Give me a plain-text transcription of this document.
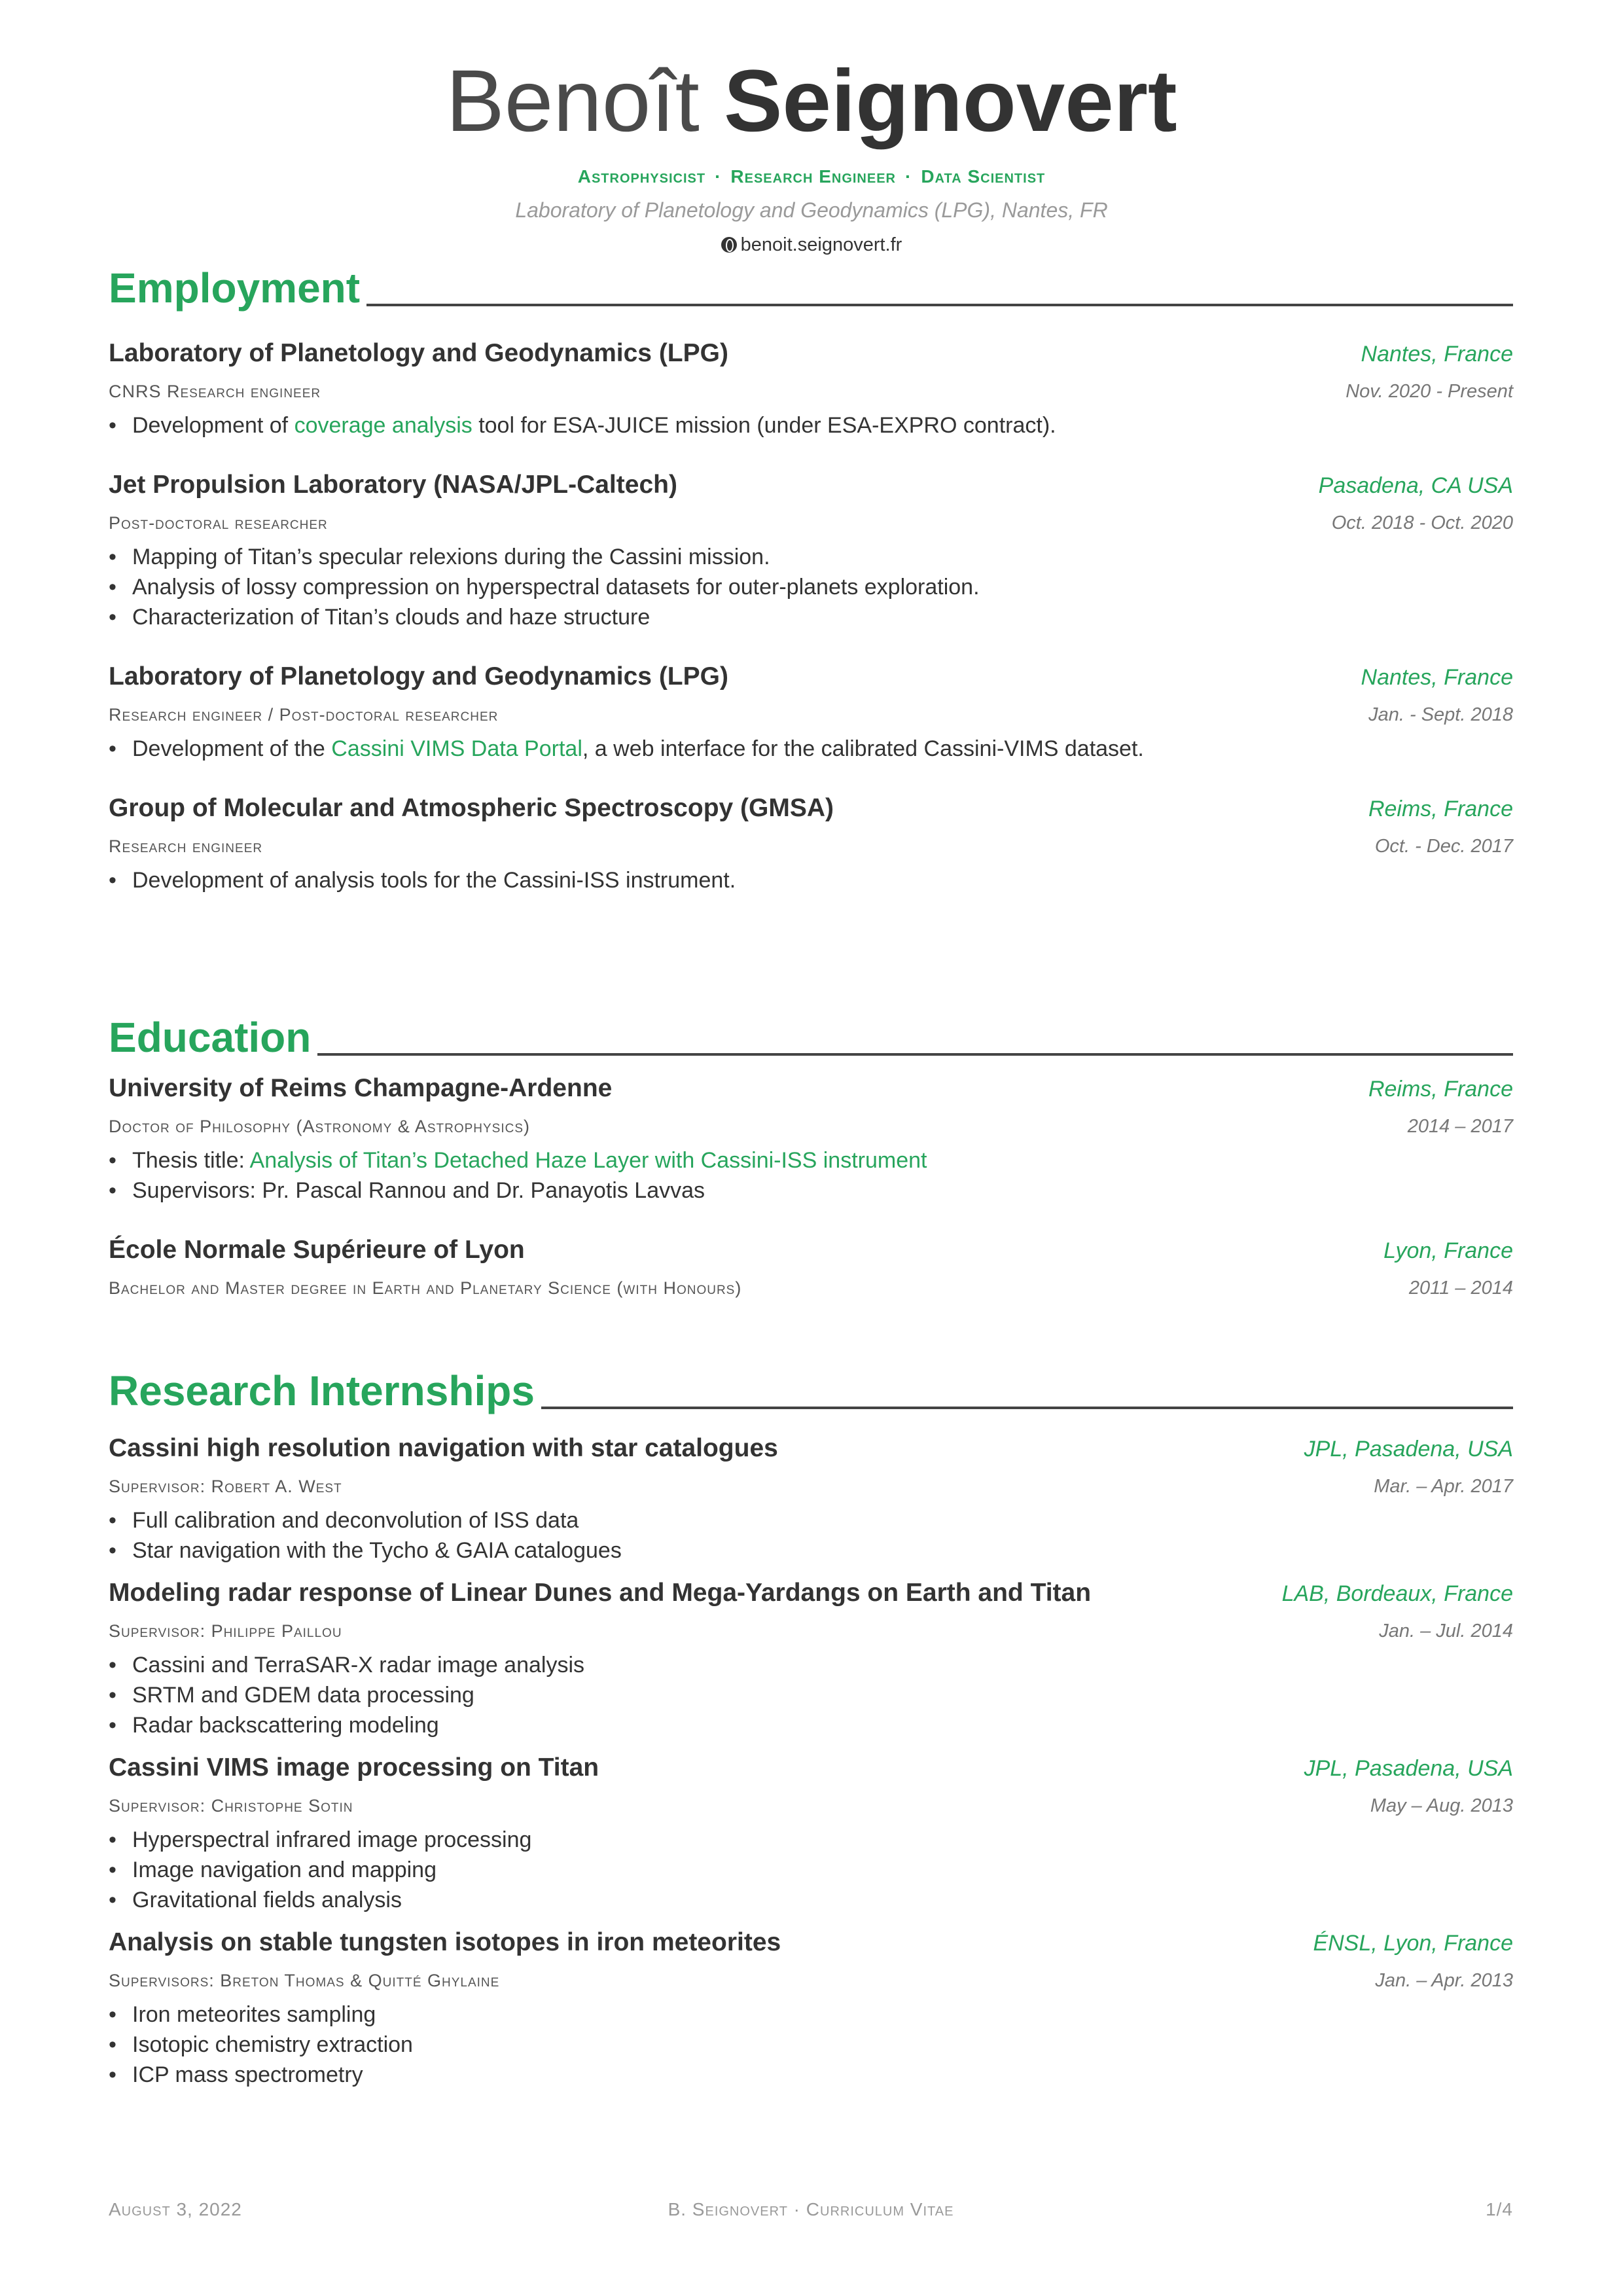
Benoît Seignovert
Astrophysicist · Research Engineer · Data Scientist
Laboratory of Planetology and Geodynamics (LPG), Nantes, FR
benoit.seignovert.fr
Employment
Laboratory of Planetology and Geodynamics (LPG)	Nantes, France
CNRS Research engineer	Nov. 2020 - Present
• Development of coverage analysis tool for ESA-JUICE mission (under ESA-EXPRO contract).
Jet Propulsion Laboratory (NASA/JPL-Caltech)	Pasadena, CA USA
Post-doctoral researcher	Oct. 2018 - Oct. 2020
• Mapping of Titan’s specular relexions during the Cassini mission.
• Analysis of lossy compression on hyperspectral datasets for outer-planets exploration.
• Characterization of Titan’s clouds and haze structure
Laboratory of Planetology and Geodynamics (LPG)	Nantes, France
Research engineer / Post-doctoral researcher	Jan. - Sept. 2018
• Development of the Cassini VIMS Data Portal, a web interface for the calibrated Cassini-VIMS dataset.
Group of Molecular and Atmospheric Spectroscopy (GMSA)	Reims, France
Research engineer	Oct. - Dec. 2017
• Development of analysis tools for the Cassini-ISS instrument.
Education
University of Reims Champagne-Ardenne	Reims, France
Doctor of Philosophy (Astronomy & Astrophysics)	2014 – 2017
• Thesis title: Analysis of Titan’s Detached Haze Layer with Cassini-ISS instrument
• Supervisors: Pr. Pascal Rannou and Dr. Panayotis Lavvas
École Normale Supérieure of Lyon	Lyon, France
Bachelor and Master degree in Earth and Planetary Science (with Honours)	2011 – 2014
Research Internships
Cassini high resolution navigation with star catalogues	JPL, Pasadena, USA
Supervisor: Robert A. West	Mar. – Apr. 2017
• Full calibration and deconvolution of ISS data
• Star navigation with the Tycho & GAIA catalogues
Modeling radar response of Linear Dunes and Mega-Yardangs on Earth and Titan	LAB, Bordeaux, France
Supervisor: Philippe Paillou	Jan. – Jul. 2014
• Cassini and TerraSAR-X radar image analysis
• SRTM and GDEM data processing
• Radar backscattering modeling
Cassini VIMS image processing on Titan	JPL, Pasadena, USA
Supervisor: Christophe Sotin	May – Aug. 2013
• Hyperspectral infrared image processing
• Image navigation and mapping
• Gravitational fields analysis
Analysis on stable tungsten isotopes in iron meteorites	ÉNSL, Lyon, France
Supervisors: Breton Thomas & Quitté Ghylaine	Jan. – Apr. 2013
• Iron meteorites sampling
• Isotopic chemistry extraction
• ICP mass spectrometry
August 3, 2022	B. Seignovert · Curriculum Vitae	1/4
